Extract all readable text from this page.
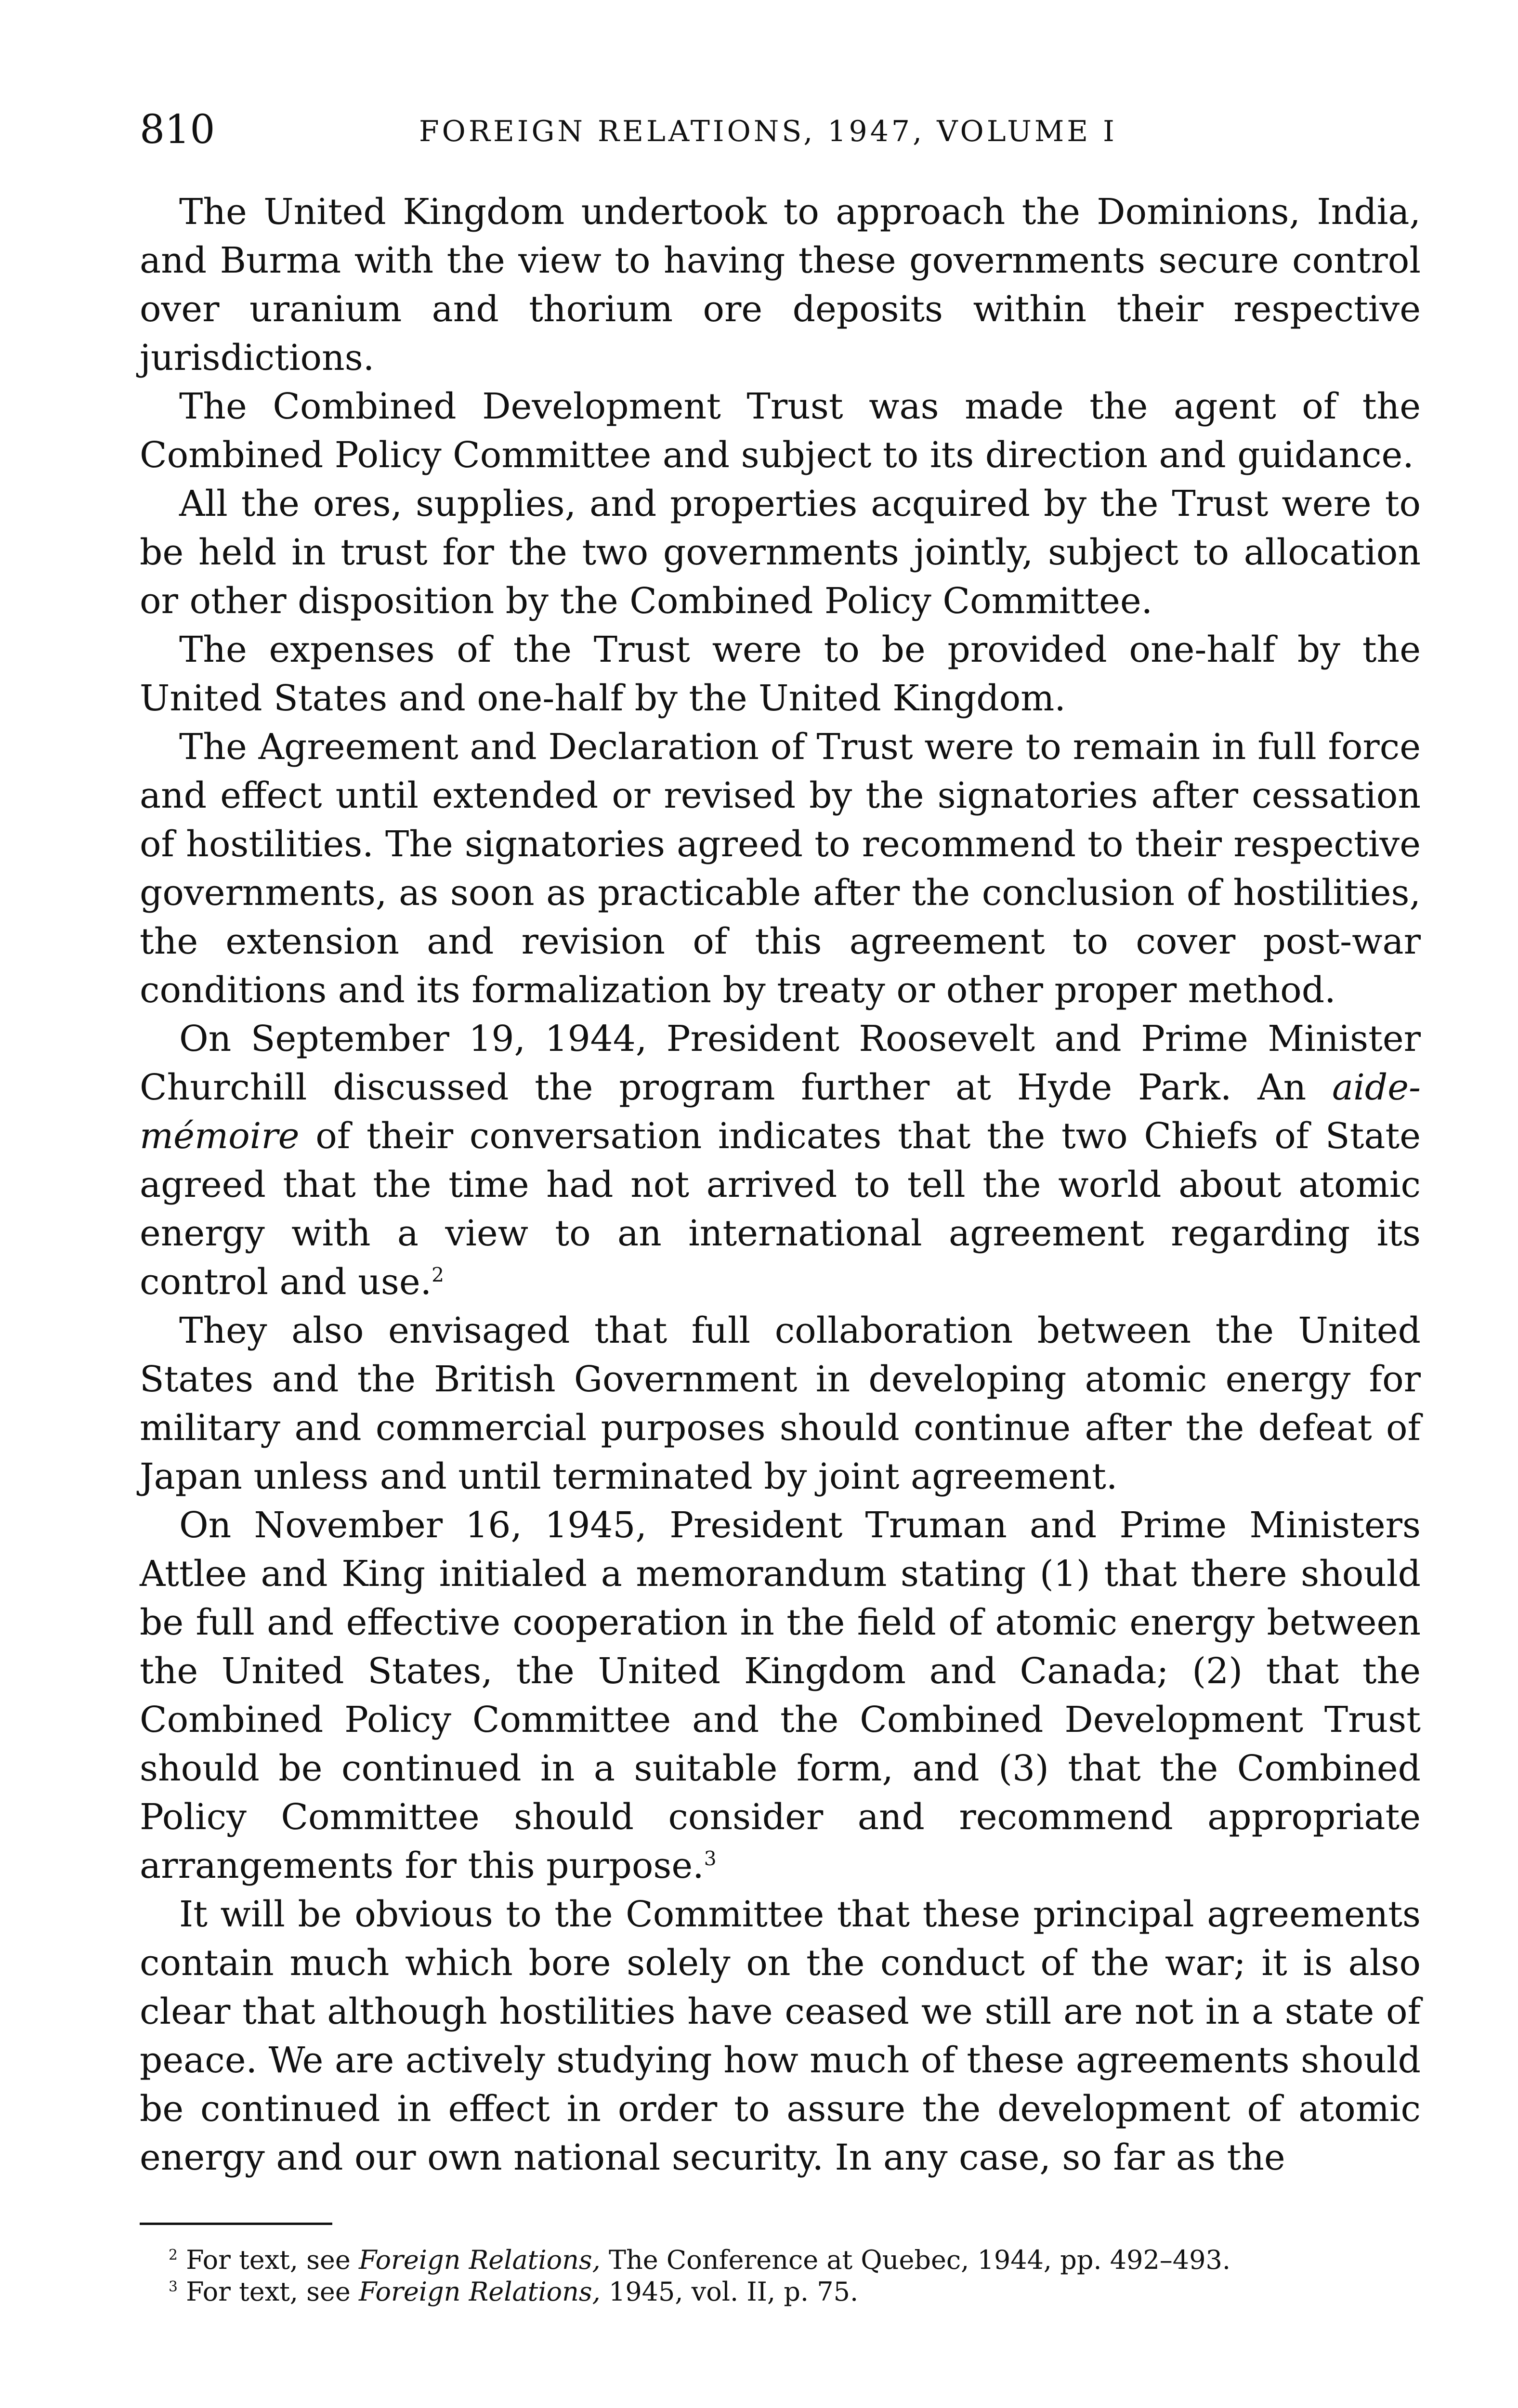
810	FOREIGN RELATIONS, 1947, VOLUME I

The United Kingdom undertook to approach the Dominions, India, and Burma with the view to having these governments secure control over uranium and thorium ore deposits within their respective jurisdictions.

The Combined Development Trust was made the agent of the Combined Policy Committee and subject to its direction and guidance.

All the ores, supplies, and properties acquired by the Trust were to be held in trust for the two governments jointly, subject to allocation or other disposition by the Combined Policy Committee.

The expenses of the Trust were to be provided one-half by the United States and one-half by the United Kingdom.

The Agreement and Declaration of Trust were to remain in full force and effect until extended or revised by the signatories after cessation of hostilities. The signatories agreed to recommend to their respective governments, as soon as practicable after the conclusion of hostilities, the extension and revision of this agreement to cover post-war conditions and its formalization by treaty or other proper method.

On September 19, 1944, President Roosevelt and Prime Minister Churchill discussed the program further at Hyde Park. An aide-mémoire of their conversation indicates that the two Chiefs of State agreed that the time had not arrived to tell the world about atomic energy with a view to an international agreement regarding its control and use.$^2$

They also envisaged that full collaboration between the United States and the British Government in developing atomic energy for military and commercial purposes should continue after the defeat of Japan unless and until terminated by joint agreement.

On November 16, 1945, President Truman and Prime Ministers Attlee and King initialed a memorandum stating (1) that there should be full and effective cooperation in the field of atomic energy between the United States, the United Kingdom and Canada; (2) that the Combined Policy Committee and the Combined Development Trust should be continued in a suitable form, and (3) that the Combined Policy Committee should consider and recommend appropriate arrangements for this purpose.$^3$

It will be obvious to the Committee that these principal agreements contain much which bore solely on the conduct of the war; it is also clear that although hostilities have ceased we still are not in a state of peace. We are actively studying how much of these agreements should be continued in effect in order to assure the development of atomic energy and our own national security. In any case, so far as the

$^2$ For text, see Foreign Relations, The Conference at Quebec, 1944, pp. 492–493.

$^3$ For text, see Foreign Relations, 1945, vol. II, p. 75.
